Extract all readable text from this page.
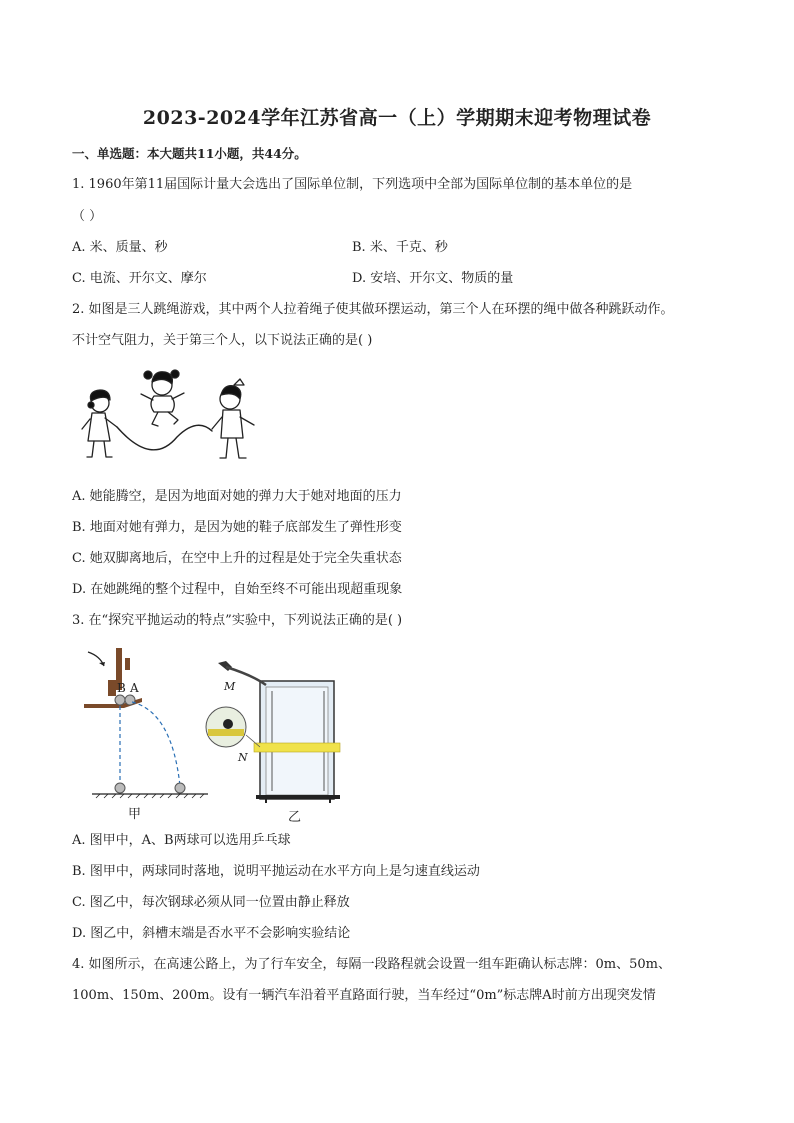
2023-2024学年江苏省高一（上）学期期末迎考物理试卷
一、单选题：本大题共11小题，共44分。
1. 1960年第11届国际计量大会选出了国际单位制，下列选项中全部为国际单位制的基本单位的是
（ ）
A. 米、质量、秒	B. 米、千克、秒
C. 电流、开尔文、摩尔	D. 安培、开尔文、物质的量
2. 如图是三人跳绳游戏，其中两个人拉着绳子使其做环摆运动，第三个人在环摆的绳中做各种跳跃动作。
不计空气阻力，关于第三个人，以下说法正确的是( )
A. 她能腾空，是因为地面对她的弹力大于她对地面的压力
B. 地面对她有弹力，是因为她的鞋子底部发生了弹性形变
C. 她双脚离地后，在空中上升的过程是处于完全失重状态
D. 在她跳绳的整个过程中，自始至终不可能出现超重现象
3. 在“探究平抛运动的特点”实验中，下列说法正确的是( )
B A
甲
M
N
乙
A. 图甲中，A、B两球可以选用乒乓球
B. 图甲中，两球同时落地，说明平抛运动在水平方向上是匀速直线运动
C. 图乙中，每次钢球必须从同一位置由静止释放
D. 图乙中，斜槽末端是否水平不会影响实验结论
4. 如图所示，在高速公路上，为了行车安全，每隔一段路程就会设置一组车距确认标志牌：0m、50m、
100m、150m、200m。设有一辆汽车沿着平直路面行驶，当车经过“0m”标志牌A时前方出现突发情
